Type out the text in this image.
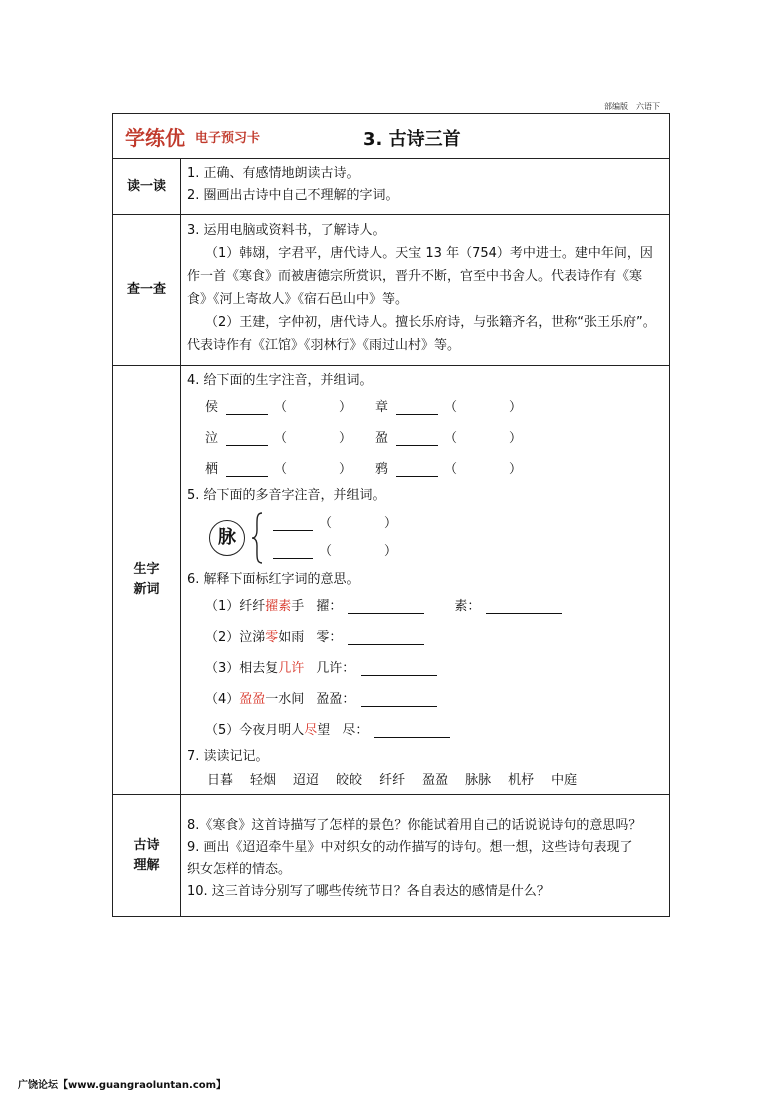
部编版　六语下
学练优 电子预习卡	3. 古诗三首
读一读
1. 正确、有感情地朗读古诗。
2. 圈画出古诗中自己不理解的字词。
查一查
3. 运用电脑或资料书，了解诗人。
（1）韩翃，字君平，唐代诗人。天宝 13 年（754）考中进士。建中年间，因
作一首《寒食》而被唐德宗所赏识，晋升不断，官至中书舍人。代表诗作有《寒
食》《河上寄故人》《宿石邑山中》等。
（2）王建，字仲初，唐代诗人。擅长乐府诗，与张籍齐名，世称“张王乐府”。
代表诗作有《江馆》《羽林行》《雨过山村》等。
生字
新词
4. 给下面的生字注音，并组词。
侯	（　　　　） 章	（　　　　）
泣	（　　　　） 盈	（　　　　）
栖	（　　　　） 鸦	（　　　　）
5. 给下面的多音字注音，并组词。
脉
（　　　　）
（　　　　）
6. 解释下面标红字词的意思。
（1）纤纤 擢素 手 擢：	素：
（2）泣涕 零 如雨 零：
（3）相去复 几许 几许：
（4） 盈盈 一水间 盈盈：
（5）今夜月明人 尽 望 尽：
7. 读读记记。
日暮 轻烟 迢迢 皎皎 纤纤 盈盈 脉脉 机杼 中庭
古诗
理解
8.《寒食》这首诗描写了怎样的景色？你能试着用自己的话说说诗句的意思吗？
9. 画出《迢迢牵牛星》中对织女的动作描写的诗句。想一想，这些诗句表现了
织女怎样的情态。
10. 这三首诗分别写了哪些传统节日？各自表达的感情是什么？
广饶论坛【www.guangraoluntan.com】
